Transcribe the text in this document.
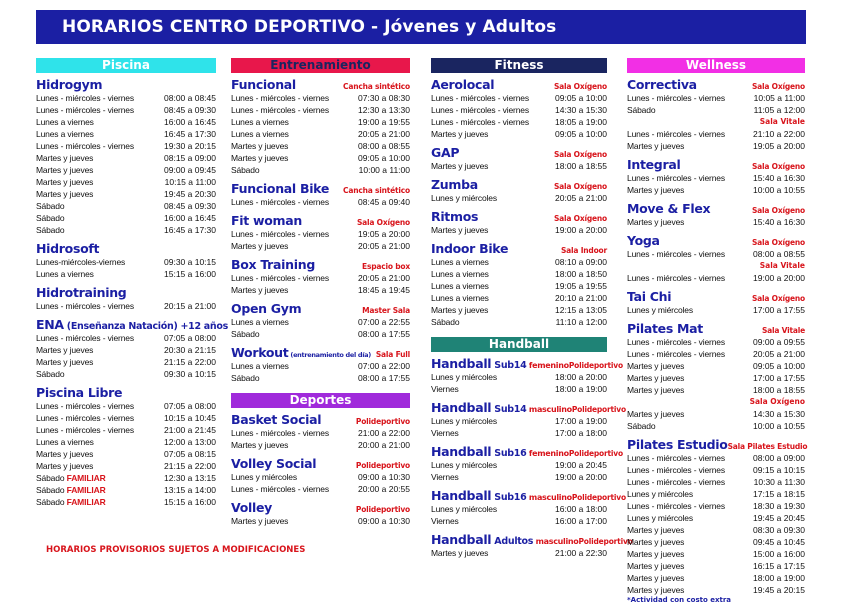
HORARIOS CENTRO DEPORTIVO - Jóvenes y Adultos
Piscina
Hidrogym
Lunes - miércoles - viernes	08:00 a 08:45
Lunes - miércoles - viernes	08:45 a 09:30
Lunes a viernes	16:00 a 16:45
Lunes a viernes	16:45 a 17:30
Lunes - miércoles - viernes	19:30 a 20:15
Martes y jueves	08:15 a 09:00
Martes y jueves	09:00 a 09:45
Martes y jueves	10:15 a 11:00
Martes y jueves	19:45 a 20:30
Sábado	08:45 a 09:30
Sábado	16:00 a 16:45
Sábado	16:45 a 17:30
Hidrosoft
Lunes-miércoles-viernes	09:30 a 10:15
Lunes a viernes	15:15 a 16:00
Hidrotraining
Lunes - miércoles - viernes	20:15 a 21:00
ENA (Enseñanza Natación) +12 años
Lunes - miércoles - viernes	07:05 a 08:00
Martes y jueves	20:30 a 21:15
Martes y jueves	21:15 a 22:00
Sábado	09:30 a 10:15
Piscina Libre
Lunes - miércoles - viernes	07:05 a 08:00
Lunes - miércoles - viernes	10:15 a 10:45
Lunes - miércoles - viernes	21:00 a 21:45
Lunes a viernes	12:00 a 13:00
Martes y jueves	07:05 a 08:15
Martes y jueves	21:15 a 22:00
Sábado FAMILIAR	12:30 a 13:15
Sábado FAMILIAR	13:15 a 14:00
Sábado FAMILIAR	15:15 a 16:00
Entrenamiento
Funcional	Cancha sintético
Lunes - miércoles - viernes	07:30 a 08:30
Lunes - miércoles - viernes	12:30 a 13:30
Lunes a viernes	19:00 a 19:55
Lunes a viernes	20:05 a 21:00
Martes y jueves	08:00 a 08:55
Martes y jueves	09:05 a 10:00
Sábado	10:00 a 11:00
Funcional Bike Cancha sintético
Lunes - miércoles - viernes	08:45 a 09:40
Fit woman	Sala Oxígeno
Lunes - miércoles - viernes	19:05 a 20:00
Martes y jueves	20:05 a 21:00
Box Training	Espacio box
Lunes - miércoles - viernes	20:05 a 21:00
Martes y jueves	18:45 a 19:45
Open Gym	Master Sala
Lunes a viernes	07:00 a 22:55
Sábado	08:00 a 17:55
Workout (entrenamiento del día) Sala Full
Lunes a viernes	07:00 a 22:00
Sábado	08:00 a 17:55
Deportes
Basket Social	Polideportivo
Lunes - miércoles - viernes	21:00 a 22:00
Martes y jueves	20:00 a 21:00
Volley Social	Polideportivo
Lunes y miércoles	09:00 a 10:30
Lunes - miércoles - viernes	20:00 a 20:55
Volley	Polideportivo
Martes y jueves	09:00 a 10:30
Fitness
Aerolocal	Sala Oxígeno
Lunes - miércoles - viernes	09:05 a 10:00
Lunes - miércoles - viernes	14:30 a 15:30
Lunes - miércoles - viernes	18:05 a 19:00
Martes y jueves	09:05 a 10:00
GAP	Sala Oxígeno
Martes y jueves	18:00 a 18:55
Zumba	Sala Oxígeno
Lunes y miércoles	20:05 a 21:00
Ritmos	Sala Oxígeno
Martes y jueves	19:00 a 20:00
Indoor Bike	Sala Indoor
Lunes a viernes	08:10 a 09:00
Lunes a viernes	18:00 a 18:50
Lunes a viernes	19:05 a 19:55
Lunes a viernes	20:10 a 21:00
Martes y jueves	12:15 a 13:05
Sábado	11:10 a 12:00
Handball
Handball Sub14 femenino Polideportivo
Lunes y miércoles	18:00 a 20:00
Viernes	18:00 a 19:00
Handball Sub14 masculino Polideportivo
Lunes y miércoles	17:00 a 19:00
Viernes	17:00 a 18:00
Handball Sub16 femenino Polideportivo
Lunes y miércoles	19:00 a 20:45
Viernes	19:00 a 20:00
Handball Sub16 masculino Polideportivo
Lunes y miércoles	16:00 a 18:00
Viernes	16:00 a 17:00
Handball Adultos masculino Polideportivo
Martes y jueves	21:00 a 22:30
Wellness
Correctiva	Sala Oxígeno
Lunes - miércoles - viernes	10:05 a 11:00
Sábado	11:05 a 12:00
Sala Vitale
Lunes - miércoles - viernes	21:10 a 22:00
Martes y jueves	19:05 a 20:00
Integral	Sala Oxígeno
Lunes - miércoles - viernes	15:40 a 16:30
Martes y jueves	10:00 a 10:55
Move & Flex	Sala Oxígeno
Martes y jueves	15:40 a 16:30
Yoga	Sala Oxígeno
Lunes - miércoles - viernes	08:00 a 08:55
Sala Vitale
Lunes - miércoles - viernes	19:00 a 20:00
Tai Chi	Sala Oxígeno
Lunes y miércoles	17:00 a 17:55
Pilates Mat	Sala Vitale
Lunes - miércoles - viernes	09:00 a 09:55
Lunes - miércoles - viernes	20:05 a 21:00
Martes y jueves	09:05 a 10:00
Martes y jueves	17:00 a 17:55
Martes y jueves	18:00 a 18:55
Sala Oxígeno
Martes y jueves	14:30 a 15:30
Sábado	10:00 a 10:55
Pilates Estudio Sala Pilates Estudio
Lunes - miércoles - viernes	08:00 a 09:00
Lunes - miércoles - viernes	09:15 a 10:15
Lunes - miércoles - viernes	10:30 a 11:30
Lunes y miércoles	17:15 a 18:15
Lunes - miércoles - viernes	18:30 a 19:30
Lunes y miércoles	19:45 a 20:45
Martes y jueves	08:30 a 09:30
Martes y jueves	09:45 a 10:45
Martes y jueves	15:00 a 16:00
Martes y jueves	16:15 a 17:15
Martes y jueves	18:00 a 19:00
Martes y jueves	19:45 a 20:15
*Actividad con costo extra
HORARIOS PROVISORIOS SUJETOS A MODIFICACIONES
